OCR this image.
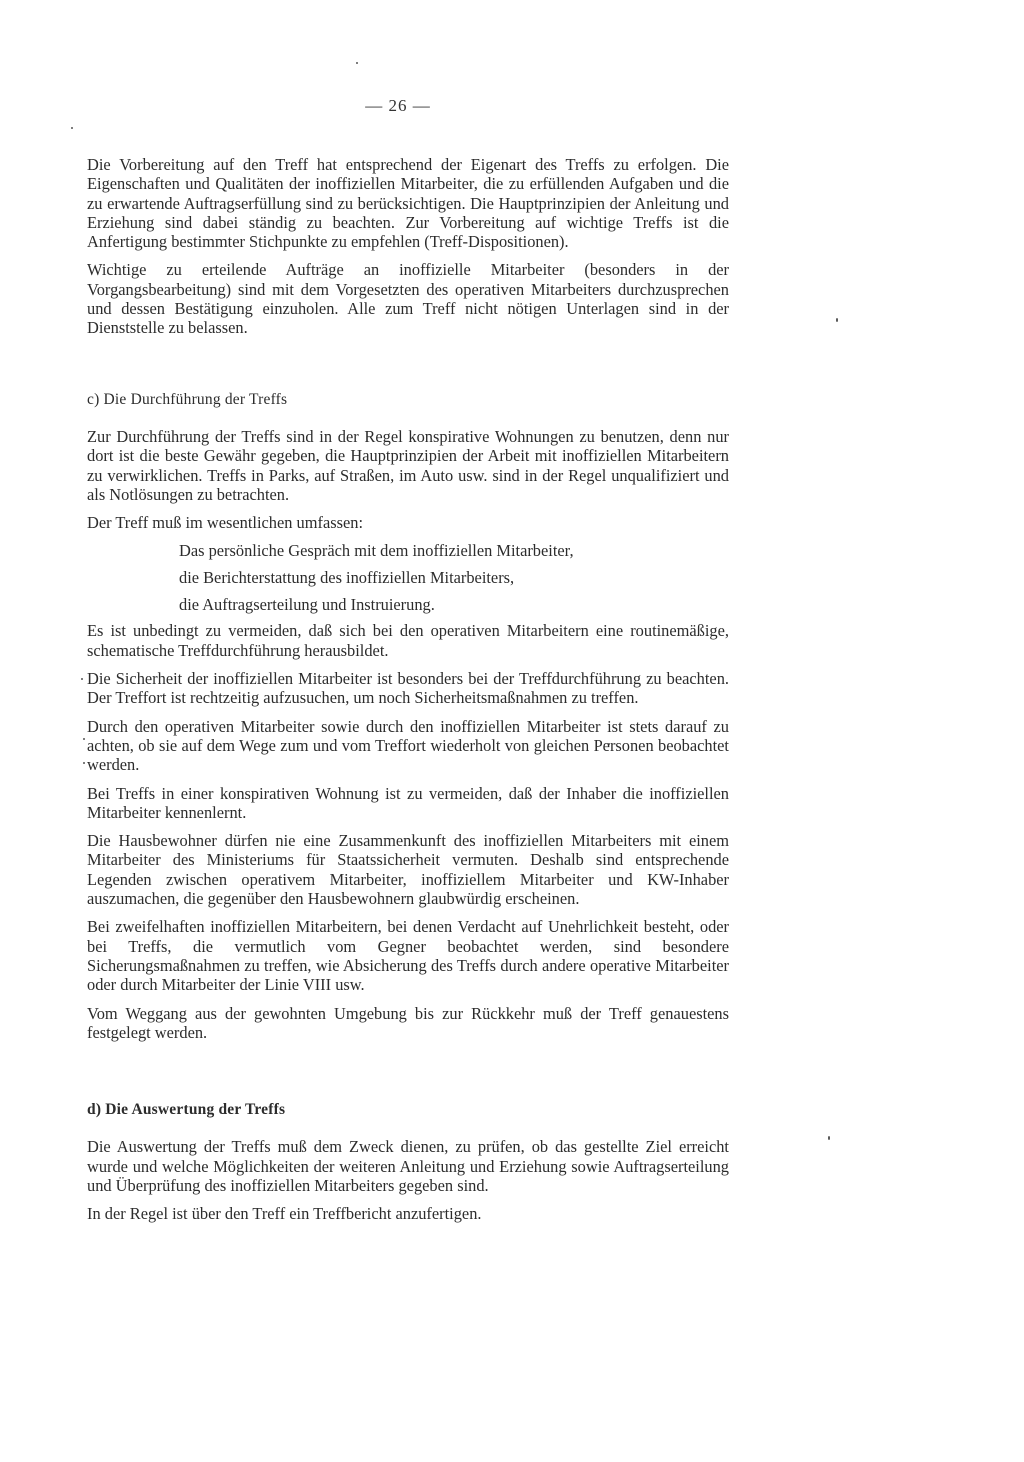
— 26 —

Die Vorbereitung auf den Treff hat entsprechend der Eigenart des Treffs zu erfolgen. Die Eigenschaften und Qualitäten der inoffiziellen Mitarbeiter, die zu erfüllenden Aufgaben und die zu erwartende Auftragserfüllung sind zu berücksichtigen. Die Hauptprinzipien der Anleitung und Erziehung sind dabei ständig zu beachten. Zur Vorbereitung auf wichtige Treffs ist die Anfertigung bestimmter Stichpunkte zu empfehlen (Treff-Dispositionen).

Wichtige zu erteilende Aufträge an inoffizielle Mitarbeiter (besonders in der Vorgangsbearbeitung) sind mit dem Vorgesetzten des operativen Mitarbeiters durchzusprechen und dessen Bestätigung einzuholen. Alle zum Treff nicht nötigen Unterlagen sind in der Dienststelle zu belassen.

c) Die Durchführung der Treffs

Zur Durchführung der Treffs sind in der Regel konspirative Wohnungen zu benutzen, denn nur dort ist die beste Gewähr gegeben, die Hauptprinzipien der Arbeit mit inoffiziellen Mitarbeitern zu verwirklichen. Treffs in Parks, auf Straßen, im Auto usw. sind in der Regel unqualifiziert und als Notlösungen zu betrachten.

Der Treff muß im wesentlichen umfassen:

Das persönliche Gespräch mit dem inoffiziellen Mitarbeiter,
die Berichterstattung des inoffiziellen Mitarbeiters,
die Auftragserteilung und Instruierung.

Es ist unbedingt zu vermeiden, daß sich bei den operativen Mitarbeitern eine routinemäßige, schematische Treffdurchführung herausbildet.

Die Sicherheit der inoffiziellen Mitarbeiter ist besonders bei der Treffdurchführung zu beachten. Der Treffort ist rechtzeitig aufzusuchen, um noch Sicherheitsmaßnahmen zu treffen.

Durch den operativen Mitarbeiter sowie durch den inoffiziellen Mitarbeiter ist stets darauf zu achten, ob sie auf dem Wege zum und vom Treffort wiederholt von gleichen Personen beobachtet werden.

Bei Treffs in einer konspirativen Wohnung ist zu vermeiden, daß der Inhaber die inoffiziellen Mitarbeiter kennenlernt.

Die Hausbewohner dürfen nie eine Zusammenkunft des inoffiziellen Mitarbeiters mit einem Mitarbeiter des Ministeriums für Staatssicherheit vermuten. Deshalb sind entsprechende Legenden zwischen operativem Mitarbeiter, inoffiziellem Mitarbeiter und KW-Inhaber auszumachen, die gegenüber den Hausbewohnern glaubwürdig erscheinen.

Bei zweifelhaften inoffiziellen Mitarbeitern, bei denen Verdacht auf Unehrlichkeit besteht, oder bei Treffs, die vermutlich vom Gegner beobachtet werden, sind besondere Sicherungsmaßnahmen zu treffen, wie Absicherung des Treffs durch andere operative Mitarbeiter oder durch Mitarbeiter der Linie VIII usw.

Vom Weggang aus der gewohnten Umgebung bis zur Rückkehr muß der Treff genauestens festgelegt werden.

d) Die Auswertung der Treffs

Die Auswertung der Treffs muß dem Zweck dienen, zu prüfen, ob das gestellte Ziel erreicht wurde und welche Möglichkeiten der weiteren Anleitung und Erziehung sowie Auftragserteilung und Überprüfung des inoffiziellen Mitarbeiters gegeben sind.

In der Regel ist über den Treff ein Treffbericht anzufertigen.
